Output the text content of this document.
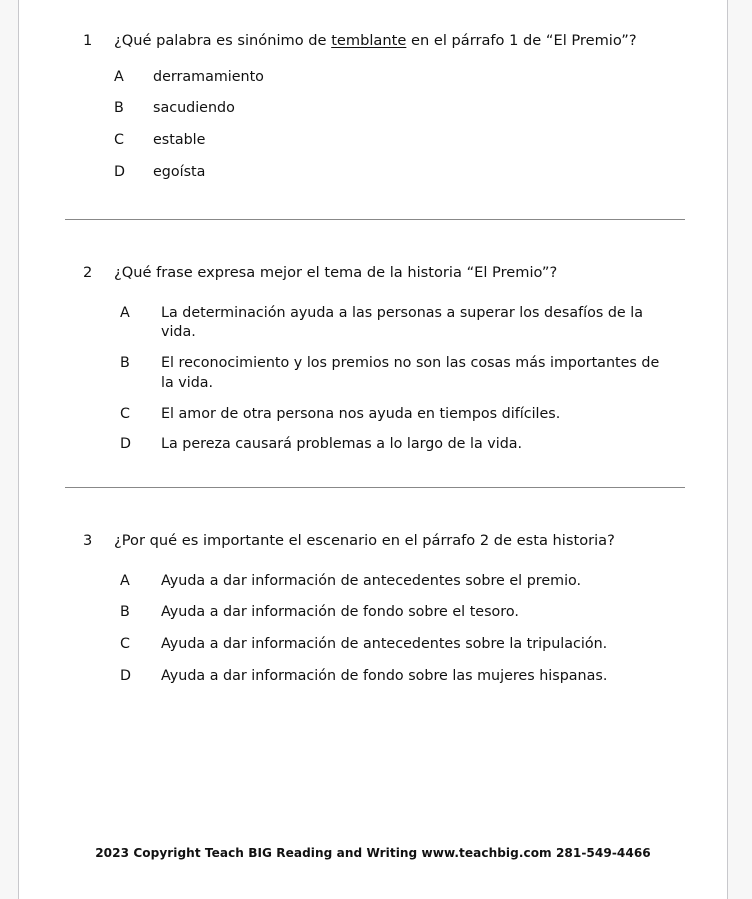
1	¿Qué palabra es sinónimo de temblante en el párrafo 1 de “El Premio”?
A	derramamiento
B	sacudiendo
C	estable
D	egoísta
2	¿Qué frase expresa mejor el tema de la historia “El Premio”?
A	La determinación ayuda a las personas a superar los desafíos de la vida.
B	El reconocimiento y los premios no son las cosas más importantes de la vida.
C	El amor de otra persona nos ayuda en tiempos difíciles.
D	La pereza causará problemas a lo largo de la vida.
3	¿Por qué es importante el escenario en el párrafo 2 de esta historia?
A	Ayuda a dar información de antecedentes sobre el premio.
B	Ayuda a dar información de fondo sobre el tesoro.
C	Ayuda a dar información de antecedentes sobre la tripulación.
D	Ayuda a dar información de fondo sobre las mujeres hispanas.
2023 Copyright Teach BIG Reading and Writing www.teachbig.com 281-549-4466
